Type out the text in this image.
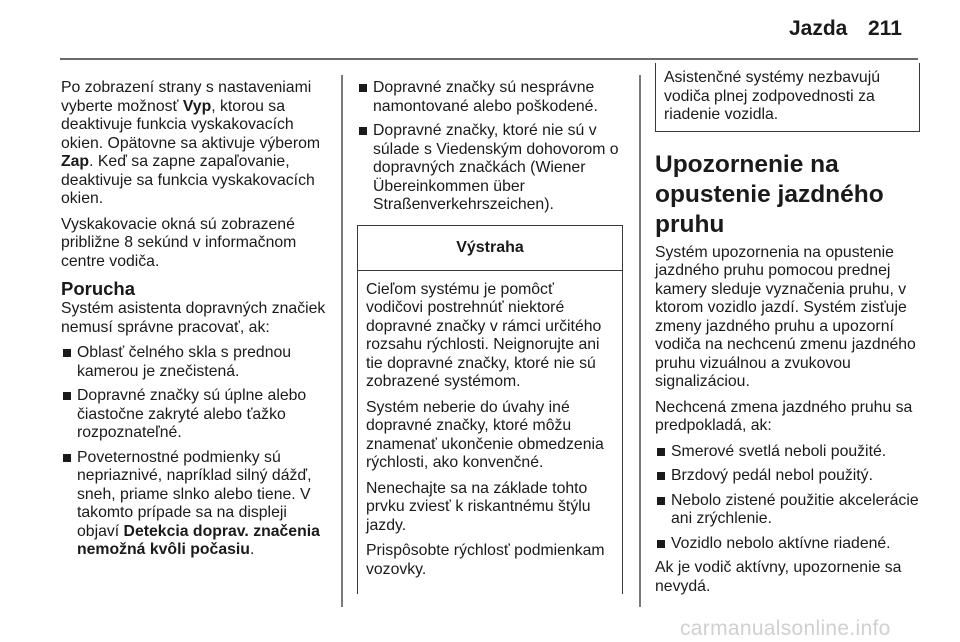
Jazda 211

Po zobrazení strany s nastaveniami vyberte možnosť Vyp, ktorou sa deaktivuje funkcia vyskakovacích okien. Opätovne sa aktivuje výberom Zap. Keď sa zapne zapaľovanie, deaktivuje sa funkcia vyskakovacích okien.

Vyskakovacie okná sú zobrazené približne 8 sekúnd v informačnom centre vodiča.

Porucha

Systém asistenta dopravných značiek nemusí správne pracovať, ak:

Oblasť čelného skla s prednou kamerou je znečistená.
Dopravné značky sú úplne alebo čiastočne zakryté alebo ťažko rozpoznateľné.
Poveternostné podmienky sú nepriaznivé, napríklad silný dážď, sneh, priame slnko alebo tiene. V takomto prípade sa na displeji objaví Detekcia doprav. značenia nemožná kvôli počasiu.
Dopravné značky sú nesprávne namontované alebo poškodené.
Dopravné značky, ktoré nie sú v súlade s Viedenským dohovorom o dopravných značkách (Wiener Übereinkommen über Straßenverkehrszeichen).
Výstraha

Cieľom systému je pomôcť vodičovi postrehnúť niektoré dopravné značky v rámci určitého rozsahu rýchlosti. Neignorujte ani tie dopravné značky, ktoré nie sú zobrazené systémom.

Systém neberie do úvahy iné dopravné značky, ktoré môžu znamenať ukončenie obmedzenia rýchlosti, ako konvenčné.

Nenechajte sa na základe tohto prvku zviesť k riskantnému štýlu jazdy.

Prispôsobte rýchlosť podmienkam vozovky.

Asistenčné systémy nezbavujú vodiča plnej zodpovednosti za riadenie vozidla.

Upozornenie na opustenie jazdného pruhu

Systém upozornenia na opustenie jazdného pruhu pomocou prednej kamery sleduje vyznačenia pruhu, v ktorom vozidlo jazdí. Systém zisťuje zmeny jazdného pruhu a upozorní vodiča na nechcenú zmenu jazdného pruhu vizuálnou a zvukovou signalizáciou.

Nechcená zmena jazdného pruhu sa predpokladá, ak:

Smerové svetlá neboli použité.
Brzdový pedál nebol použitý.
Nebolo zistené použitie akcelerácie ani zrýchlenie.
Vozidlo nebolo aktívne riadené.

Ak je vodič aktívny, upozornenie sa nevydá.

carmanualsonline.info
